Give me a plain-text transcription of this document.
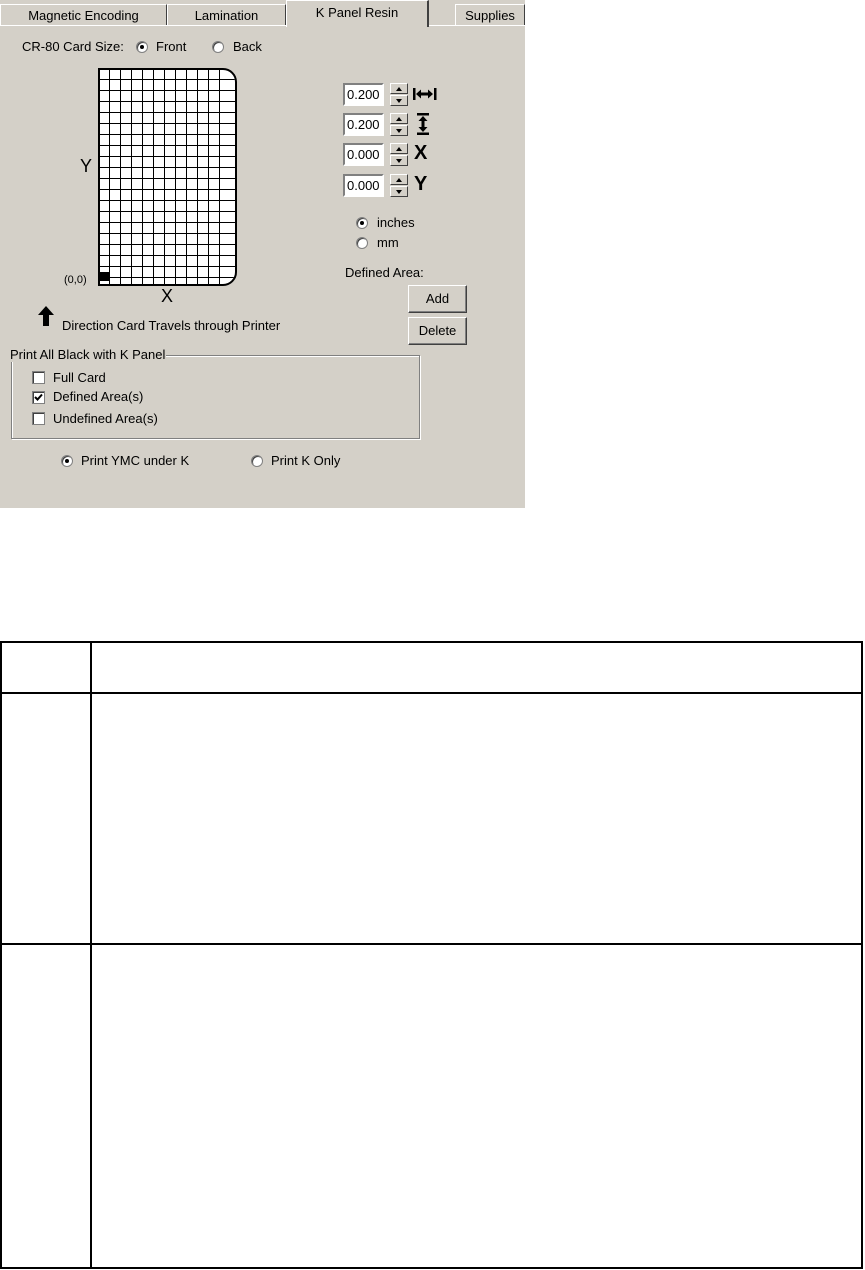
Magnetic Encoding	Lamination	Supplies
K Panel Resin
CR-80 Card Size: Front	Back
Y
(0,0)
X
Direction Card Travels through Printer
0.200
0.200
0.000 X
0.000 Y
inches
mm
Defined Area:
Add
Delete
Print All Black with K Panel
Full Card
Defined Area(s)
Undefined Area(s)
Print YMC under K	Print K Only
